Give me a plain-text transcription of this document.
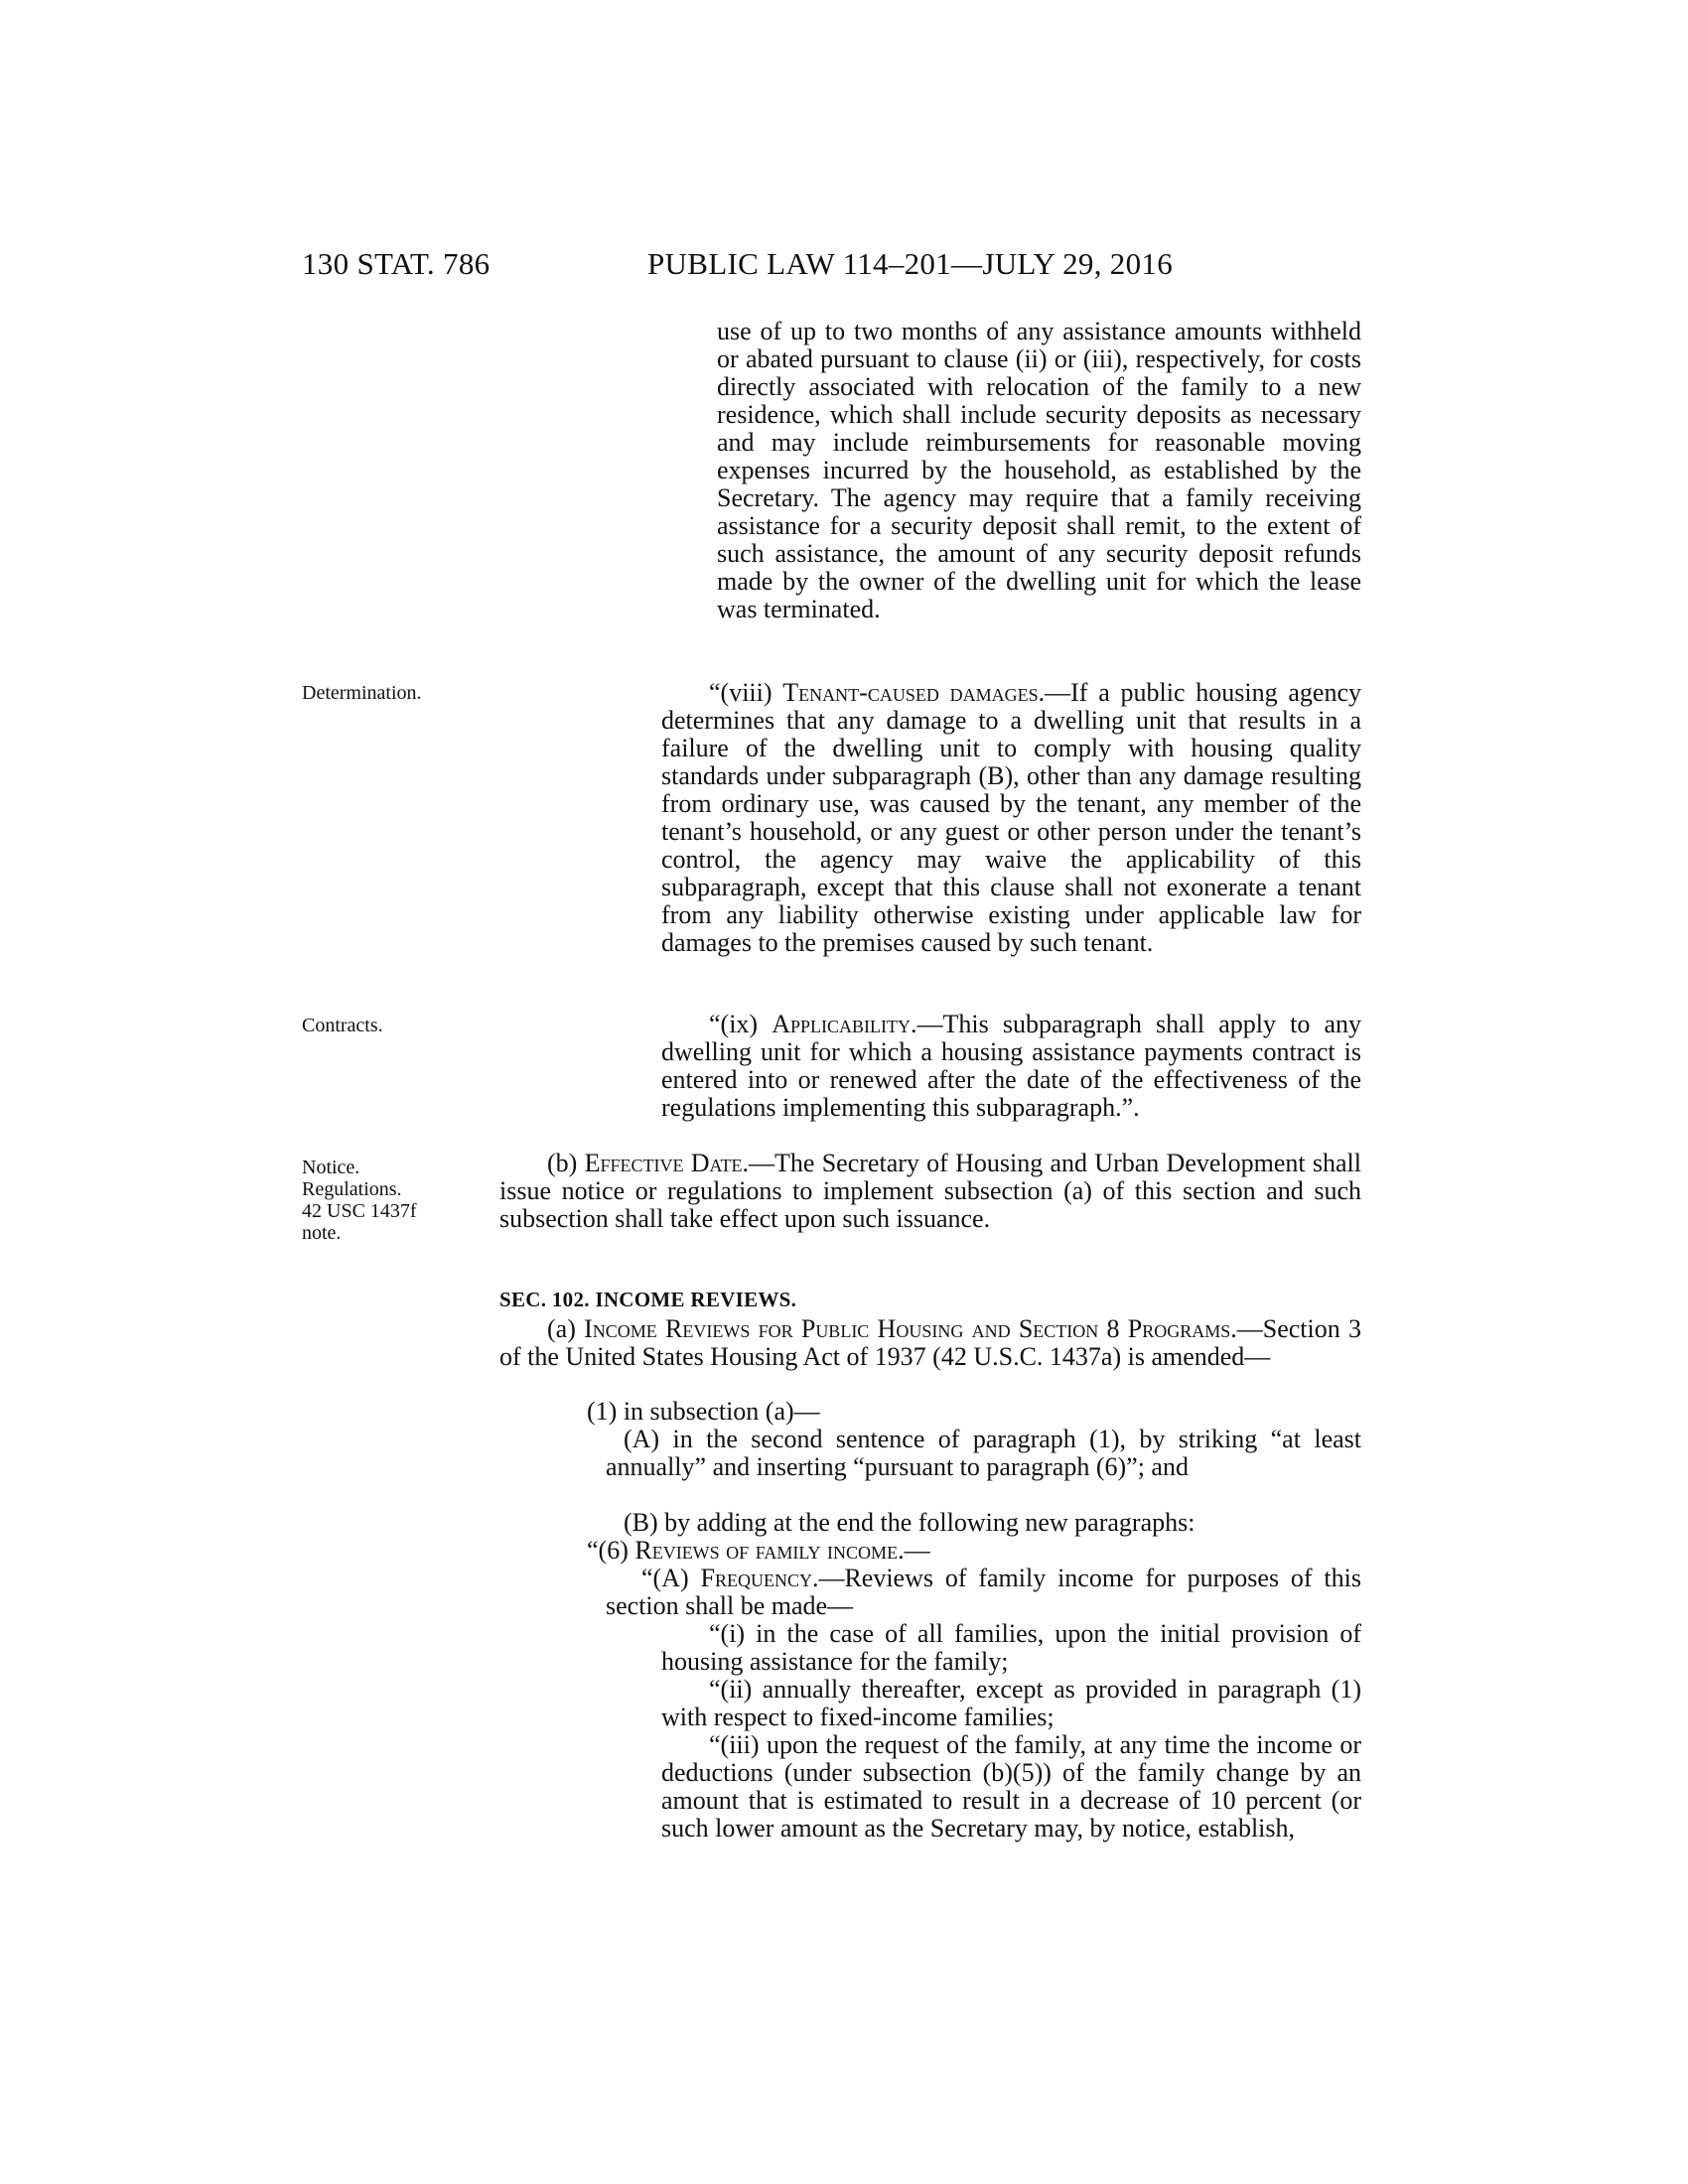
130 STAT. 786	PUBLIC LAW 114–201—JULY 29, 2016
Determination.
Contracts.
Notice.
Regulations.
42 USC 1437f
note.

use of up to two months of any assistance amounts withheld or abated pursuant to clause (ii) or (iii), respectively, for costs directly associated with relocation of the family to a new residence, which shall include security deposits as necessary and may include reimbursements for reasonable moving expenses incurred by the household, as established by the Secretary. The agency may require that a family receiving assistance for a security deposit shall remit, to the extent of such assistance, the amount of any security deposit refunds made by the owner of the dwelling unit for which the lease was terminated.

“(viii) Tenant-caused damages.—If a public housing agency determines that any damage to a dwelling unit that results in a failure of the dwelling unit to comply with housing quality standards under subparagraph (B), other than any damage resulting from ordinary use, was caused by the tenant, any member of the tenant’s household, or any guest or other person under the tenant’s control, the agency may waive the applicability of this subparagraph, except that this clause shall not exonerate a tenant from any liability otherwise existing under applicable law for damages to the premises caused by such tenant.

“(ix) Applicability.—This subparagraph shall apply to any dwelling unit for which a housing assistance payments contract is entered into or renewed after the date of the effectiveness of the regulations implementing this subparagraph.”.

(b) Effective Date.—The Secretary of Housing and Urban Development shall issue notice or regulations to implement subsection (a) of this section and such subsection shall take effect upon such issuance.

SEC. 102. INCOME REVIEWS.

(a) Income Reviews for Public Housing and Section 8 Programs.—Section 3 of the United States Housing Act of 1937 (42 U.S.C. 1437a) is amended—

(1) in subsection (a)—

(A) in the second sentence of paragraph (1), by striking “at least annually” and inserting “pursuant to paragraph (6)”; and

(B) by adding at the end the following new paragraphs:

“(6) Reviews of family income.—

“(A) Frequency.—Reviews of family income for purposes of this section shall be made—

“(i) in the case of all families, upon the initial provision of housing assistance for the family;

“(ii) annually thereafter, except as provided in paragraph (1) with respect to fixed-income families;

“(iii) upon the request of the family, at any time the income or deductions (under subsection (b)(5)) of the family change by an amount that is estimated to result in a decrease of 10 percent (or such lower amount as the Secretary may, by notice, establish,
